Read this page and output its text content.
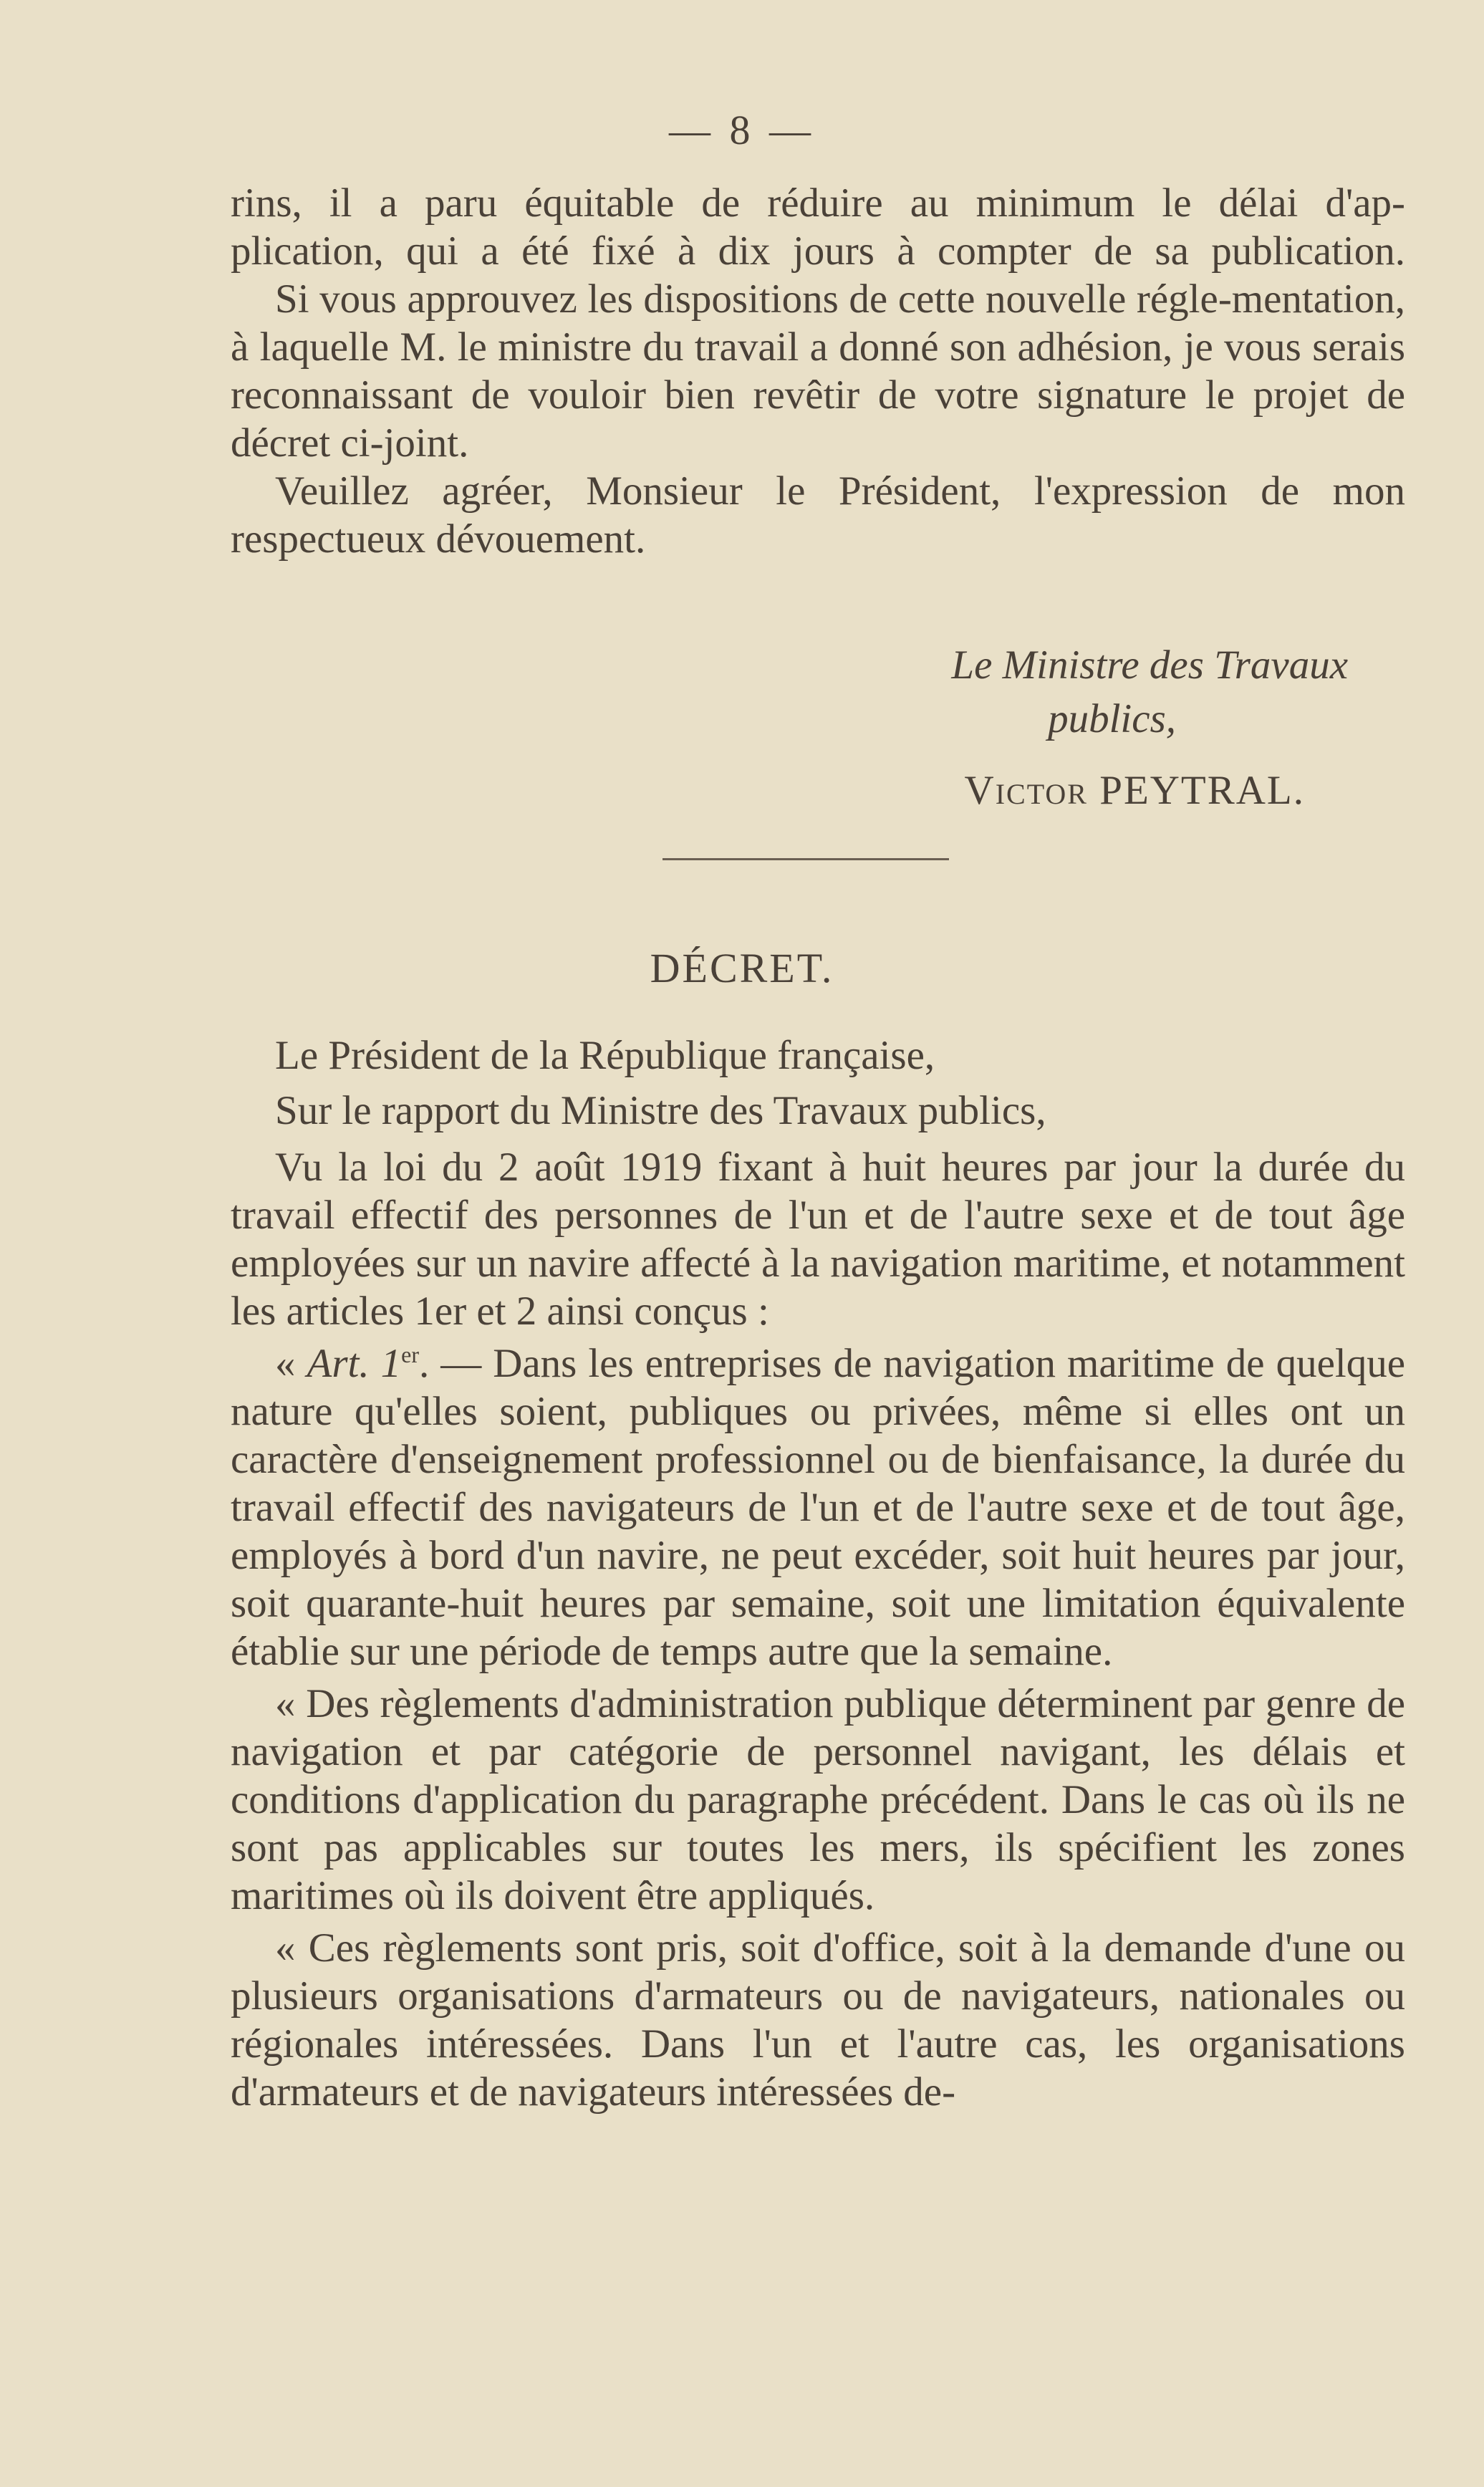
— 8 —

rins, il a paru équitable de réduire au minimum le délai d'ap-

plication, qui a été fixé à dix jours à compter de sa publication.

Si vous approuvez les dispositions de cette nouvelle régle-mentation, à laquelle M. le ministre du travail a donné son adhésion, je vous serais reconnaissant de vouloir bien revêtir de votre signature le projet de décret ci-joint.

Veuillez agréer, Monsieur le Président, l'expression de mon respectueux dévouement.

Le Ministre des Travaux
publics,
Victor PEYTRAL.
DÉCRET.

Le Président de la République française,

Sur le rapport du Ministre des Travaux publics,

Vu la loi du 2 août 1919 fixant à huit heures par jour la durée du travail effectif des personnes de l'un et de l'autre sexe et de tout âge employées sur un navire affecté à la navigation maritime, et notamment les articles 1er et 2 ainsi conçus :

« Art. 1er. — Dans les entreprises de navigation maritime de quelque nature qu'elles soient, publiques ou privées, même si elles ont un caractère d'enseignement professionnel ou de bienfaisance, la durée du travail effectif des navigateurs de l'un et de l'autre sexe et de tout âge, employés à bord d'un navire, ne peut excéder, soit huit heures par jour, soit quarante-huit heures par semaine, soit une limitation équivalente établie sur une période de temps autre que la semaine.

« Des règlements d'administration publique déterminent par genre de navigation et par catégorie de personnel navigant, les délais et conditions d'application du paragraphe précédent. Dans le cas où ils ne sont pas applicables sur toutes les mers, ils spécifient les zones maritimes où ils doivent être appliqués.

« Ces règlements sont pris, soit d'office, soit à la demande d'une ou plusieurs organisations d'armateurs ou de navigateurs, nationales ou régionales intéressées. Dans l'un et l'autre cas, les organisations d'armateurs et de navigateurs intéressées de-
